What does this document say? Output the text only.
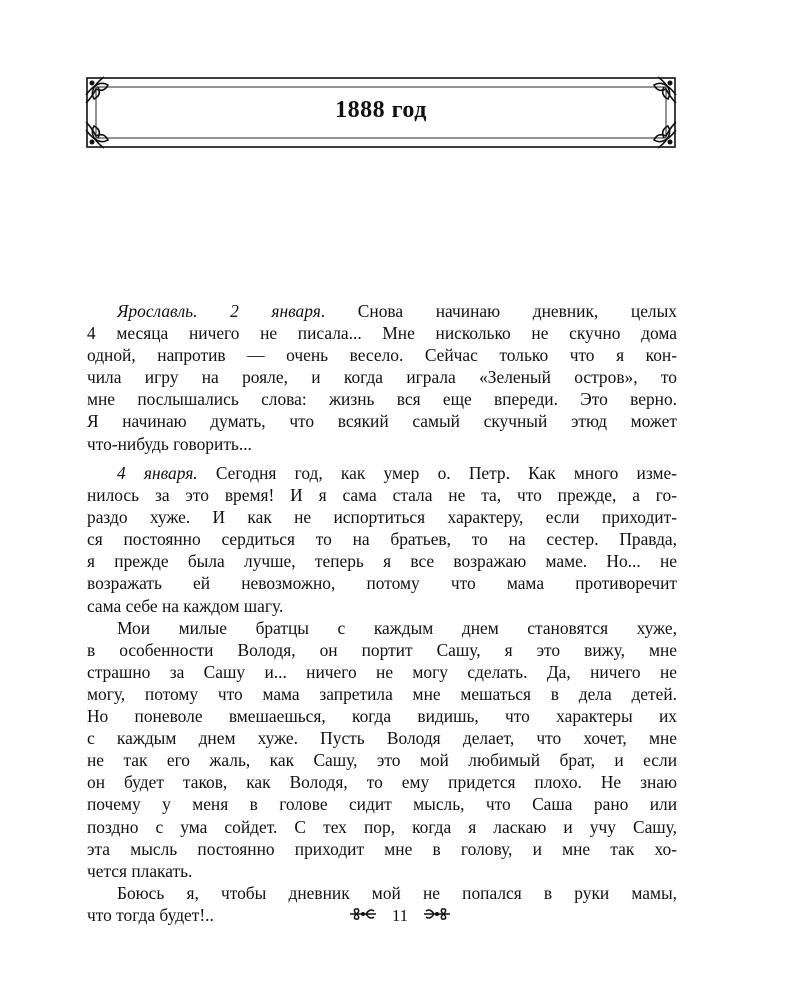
1888 год
Ярославль. 2 января. Снова начинаю дневник, целых
4 месяца ничего не писала... Мне нисколько не скучно дома
одной, напротив — очень весело. Сейчас только что я кон-
чила игру на рояле, и когда играла «Зеленый остров», то
мне послышались слова: жизнь вся еще впереди. Это верно.
Я начинаю думать, что всякий самый скучный этюд может
что-нибудь говорить...
4 января. Сегодня год, как умер о. Петр. Как много изме-
нилось за это время! И я сама стала не та, что прежде, а го-
раздо хуже. И как не испортиться характеру, если приходит-
ся постоянно сердиться то на братьев, то на сестер. Правда,
я прежде была лучше, теперь я все возражаю маме. Но... не
возражать ей невозможно, потому что мама противоречит
сама себе на каждом шагу.
Мои милые братцы с каждым днем становятся хуже,
в особенности Володя, он портит Сашу, я это вижу, мне
страшно за Сашу и... ничего не могу сделать. Да, ничего не
могу, потому что мама запретила мне мешаться в дела детей.
Но поневоле вмешаешься, когда видишь, что характеры их
с каждым днем хуже. Пусть Володя делает, что хочет, мне
не так его жаль, как Сашу, это мой любимый брат, и если
он будет таков, как Володя, то ему придется плохо. Не знаю
почему у меня в голове сидит мысль, что Саша рано или
поздно с ума сойдет. С тех пор, когда я ласкаю и учу Сашу,
эта мысль постоянно приходит мне в голову, и мне так хо-
чется плакать.
Боюсь я, чтобы дневник мой не попался в руки мамы,
что тогда будет!..	11
